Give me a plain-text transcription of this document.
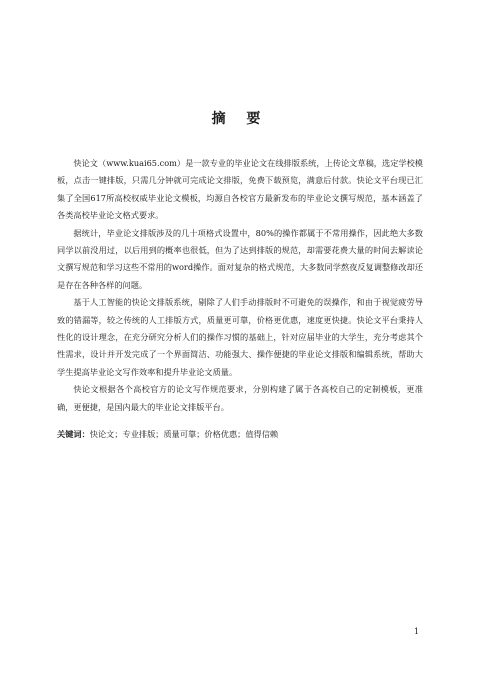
摘 要

快论文（www.kuai65.com）是一款专业的毕业论文在线排版系统，上传论文草稿，选定学校模板，点击一键排版，只需几分钟就可完成论文排版，免费下载预览，满意后付款。快论文平台现已汇集了全国617所高校权威毕业论文模板，均源自各校官方最新发布的毕业论文撰写规范，基本涵盖了各类高校毕业论文格式要求。

据统计，毕业论文排版涉及的几十项格式设置中，80%的操作都属于不常用操作，因此绝大多数同学以前没用过，以后用到的概率也很低，但为了达到排版的规范，却需要花费大量的时间去解读论文撰写规范和学习这些不常用的word操作。面对复杂的格式规范，大多数同学熬夜反复调整修改却还是存在各种各样的问题。

基于人工智能的快论文排版系统，剔除了人们手动排版时不可避免的误操作，和由于视觉疲劳导致的错漏等，较之传统的人工排版方式，质量更可靠，价格更优惠，速度更快捷。快论文平台秉持人性化的设计理念，在充分研究分析人们的操作习惯的基础上，针对应届毕业的大学生，充分考虑其个性需求，设计并开发完成了一个界面简洁、功能强大、操作便捷的毕业论文排版和编辑系统，帮助大学生提高毕业论文写作效率和提升毕业论文质量。

快论文根据各个高校官方的论文写作规范要求，分别构建了属于各高校自己的定制模板，更准确，更便捷，是国内最大的毕业论文排版平台。

关键词：快论文；专业排版；质量可靠；价格优惠；值得信赖

1
